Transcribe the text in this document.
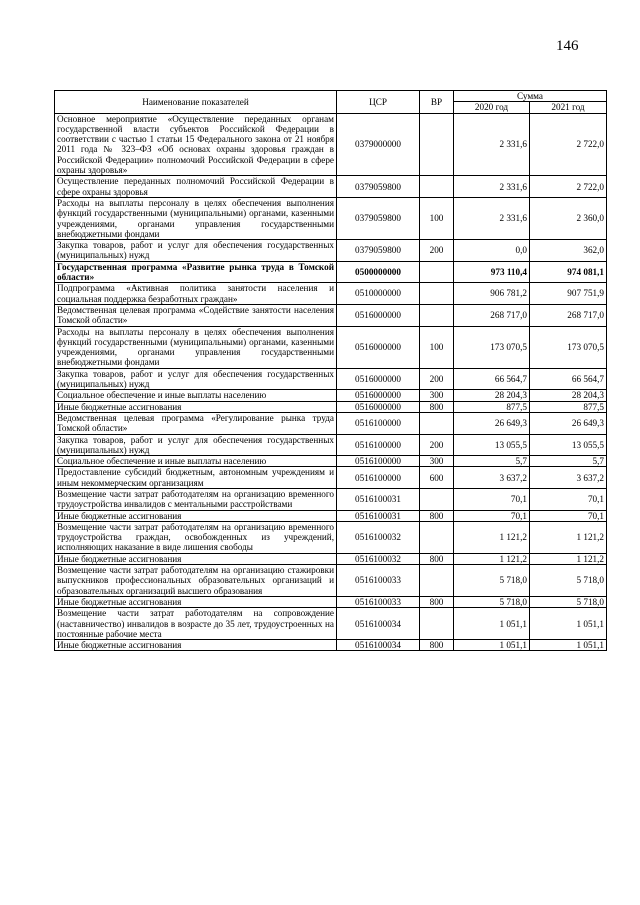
146
Наименование показателей	ЦСР	ВР	Сумма	
			2020 год	2021 год
Основное мероприятие «Осуществление переданных органам государственной власти субъектов Российской Федерации в соответствии с частью 1 статьи 15 Федерального закона от 21 ноября 2011 года № 323–ФЗ «Об основах охраны здоровья граждан в Российской Федерации» полномочий Российской Федерации в сфере охраны здоровья»	0379000000		2 331,6	2 722,0
Осуществление переданных полномочий Российской Федерации в сфере охраны здоровья	0379059800		2 331,6	2 722,0
Расходы на выплаты персоналу в целях обеспечения выполнения функций государственными (муниципальными) органами, казенными учреждениями, органами управления государственными внебюджетными фондами	0379059800	100	2 331,6	2 360,0
Закупка товаров, работ и услуг для обеспечения государственных (муниципальных) нужд	0379059800	200	0,0	362,0
Государственная программа «Развитие рынка труда в Томской области»	0500000000		973 110,4	974 081,1
Подпрограмма «Активная политика занятости населения и социальная поддержка безработных граждан»	0510000000		906 781,2	907 751,9
Ведомственная целевая программа «Содействие занятости населения Томской области»	0516000000		268 717,0	268 717,0
Расходы на выплаты персоналу в целях обеспечения выполнения функций государственными (муниципальными) органами, казенными учреждениями, органами управления государственными внебюджетными фондами	0516000000	100	173 070,5	173 070,5
Закупка товаров, работ и услуг для обеспечения государственных (муниципальных) нужд	0516000000	200	66 564,7	66 564,7
Социальное обеспечение и иные выплаты населению	0516000000	300	28 204,3	28 204,3
Иные бюджетные ассигнования	0516000000	800	877,5	877,5
Ведомственная целевая программа «Регулирование рынка труда Томской области»	0516100000		26 649,3	26 649,3
Закупка товаров, работ и услуг для обеспечения государственных (муниципальных) нужд	0516100000	200	13 055,5	13 055,5
Социальное обеспечение и иные выплаты населению	0516100000	300	5,7	5,7
Предоставление субсидий бюджетным, автономным учреждениям и иным некоммерческим организациям	0516100000	600	3 637,2	3 637,2
Возмещение части затрат работодателям на организацию временного трудоустройства инвалидов с ментальными расстройствами	0516100031		70,1	70,1
Иные бюджетные ассигнования	0516100031	800	70,1	70,1
Возмещение части затрат работодателям на организацию временного трудоустройства граждан, освобожденных из учреждений, исполняющих наказание в виде лишения свободы	0516100032		1 121,2	1 121,2
Иные бюджетные ассигнования	0516100032	800	1 121,2	1 121,2
Возмещение части затрат работодателям на организацию стажировки выпускников профессиональных образовательных организаций и образовательных организаций высшего образования	0516100033		5 718,0	5 718,0
Иные бюджетные ассигнования	0516100033	800	5 718,0	5 718,0
Возмещение части затрат работодателям на сопровождение (наставничество) инвалидов в возрасте до 35 лет, трудоустроенных на постоянные рабочие места	0516100034		1 051,1	1 051,1
Иные бюджетные ассигнования	0516100034	800	1 051,1	1 051,1
